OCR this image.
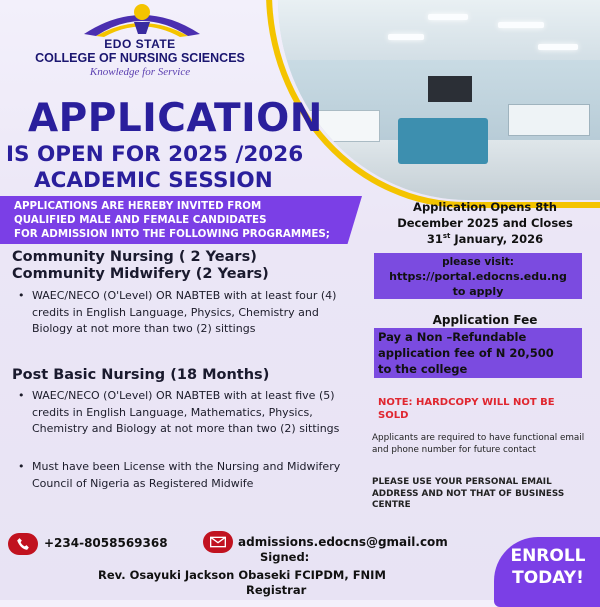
EDO STATE
COLLEGE OF NURSING SCIENCES
Knowledge for Service
APPLICATION
IS OPEN FOR 2025 /2026
ACADEMIC SESSION
APPLICATIONS ARE HEREBY INVITED FROM
QUALIFIED MALE AND FEMALE CANDIDATES
FOR ADMISSION INTO THE FOLLOWING PROGRAMMES;
Community Nursing ( 2 Years)
Community Midwifery (2 Years)
• WAEC/NECO (O'Level) OR NABTEB with at least four (4) credits in English Language, Physics, Chemistry and Biology at not more than two (2) sittings
Post Basic Nursing (18 Months)
• WAEC/NECO (O'Level) OR NABTEB with at least five (5) credits in English Language, Mathematics, Physics, Chemistry and Biology at not more than two (2) sittings
• Must have been License with the Nursing and Midwifery Council of Nigeria as Registered Midwife
Application Opens 8th
December 2025 and Closes
31st January, 2026
please visit:
https://portal.edocns.edu.ng
to apply
Application Fee
Pay a Non –Refundable
application fee of N 20,500
to the college
NOTE: HARDCOPY WILL NOT BE
SOLD
Applicants are required to have functional email and phone number for future contact
PLEASE USE YOUR PERSONAL EMAIL ADDRESS AND NOT THAT OF BUSINESS CENTRE
+234-8058569368	admissions.edocns@gmail.com
Signed:
Rev. Osayuki Jackson Obaseki FCIPDM, FNIM
Registrar
ENROLL
TODAY!
